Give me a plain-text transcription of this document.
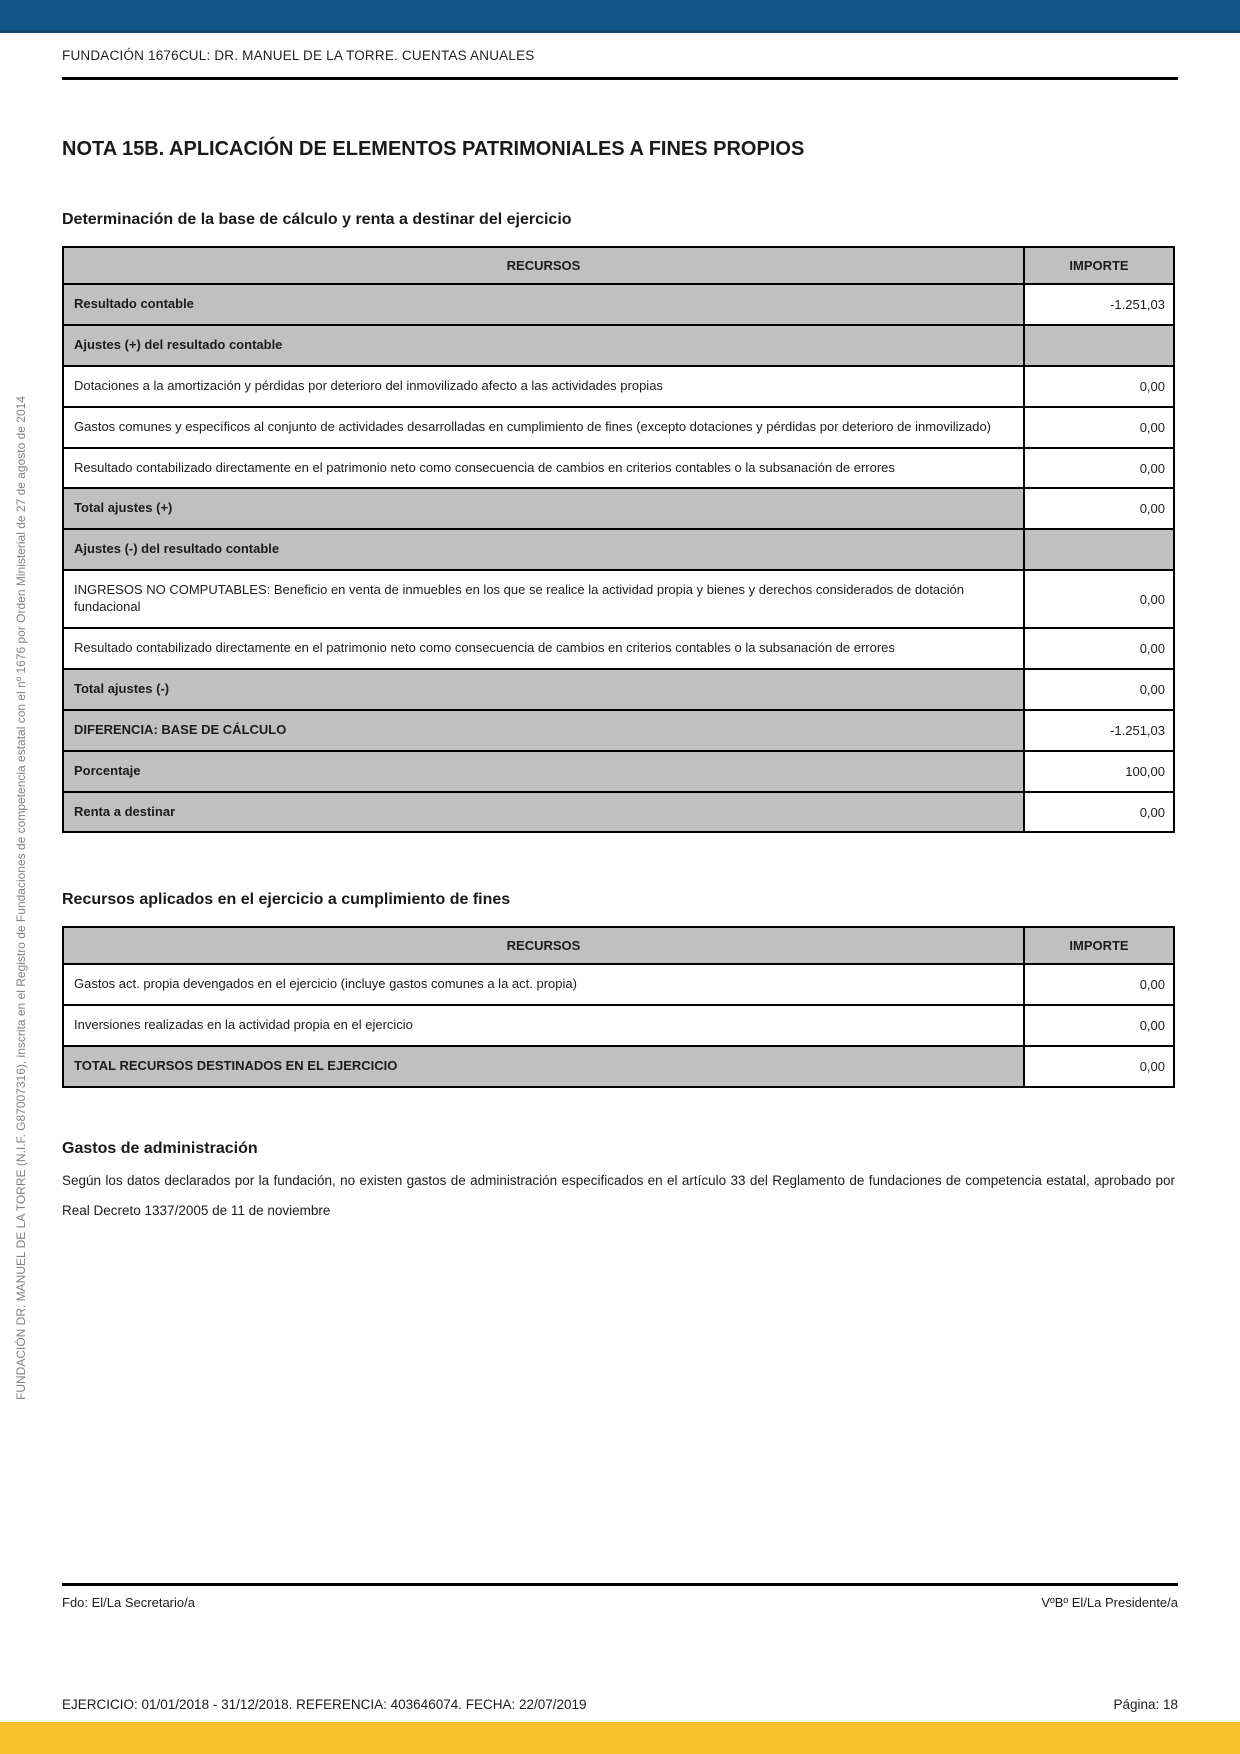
FUNDACIÓN DR. MANUEL DE LA TORRE (N.I.F. G87007316), inscrita en el Registro de Fundaciones de competencia estatal con el nº 1676 por Orden Ministerial de 27 de agosto de 2014
FUNDACIÓN 1676CUL: DR. MANUEL DE LA TORRE. CUENTAS ANUALES
NOTA 15B. APLICACIÓN DE ELEMENTOS PATRIMONIALES A FINES PROPIOS
Determinación de la base de cálculo y renta a destinar del ejercicio
RECURSOS	IMPORTE
Resultado contable	-1.251,03
Ajustes (+) del resultado contable	
Dotaciones a la amortización y pérdidas por deterioro del inmovilizado afecto a las actividades propias	0,00
Gastos comunes y específicos al conjunto de actividades desarrolladas en cumplimiento de fines (excepto dotaciones y pérdidas por deterioro de inmovilizado)	0,00
Resultado contabilizado directamente en el patrimonio neto como consecuencia de cambios en criterios contables o la subsanación de errores	0,00
Total ajustes (+)	0,00
Ajustes (-) del resultado contable	
INGRESOS NO COMPUTABLES: Beneficio en venta de inmuebles en los que se realice la actividad propia y bienes y derechos considerados de dotación fundacional	0,00
Resultado contabilizado directamente en el patrimonio neto como consecuencia de cambios en criterios contables o la subsanación de errores	0,00
Total ajustes (-)	0,00
DIFERENCIA: BASE DE CÁLCULO	-1.251,03
Porcentaje	100,00
Renta a destinar	0,00
Recursos aplicados en el ejercicio a cumplimiento de fines
RECURSOS	IMPORTE
Gastos act. propia devengados en el ejercicio (incluye gastos comunes a la act. propia)	0,00
Inversiones realizadas en la actividad propia en el ejercicio	0,00
TOTAL RECURSOS DESTINADOS EN EL EJERCICIO	0,00
Gastos de administración

Según los datos declarados por la fundación, no existen gastos de administración especificados en el artículo 33 del Reglamento de fundaciones de competencia estatal, aprobado por Real Decreto 1337/2005 de 11 de noviembre

Fdo: El/La Secretario/a	VºBº El/La Presidente/a
EJERCICIO: 01/01/2018 - 31/12/2018. REFERENCIA: 403646074. FECHA: 22/07/2019	Página: 18
